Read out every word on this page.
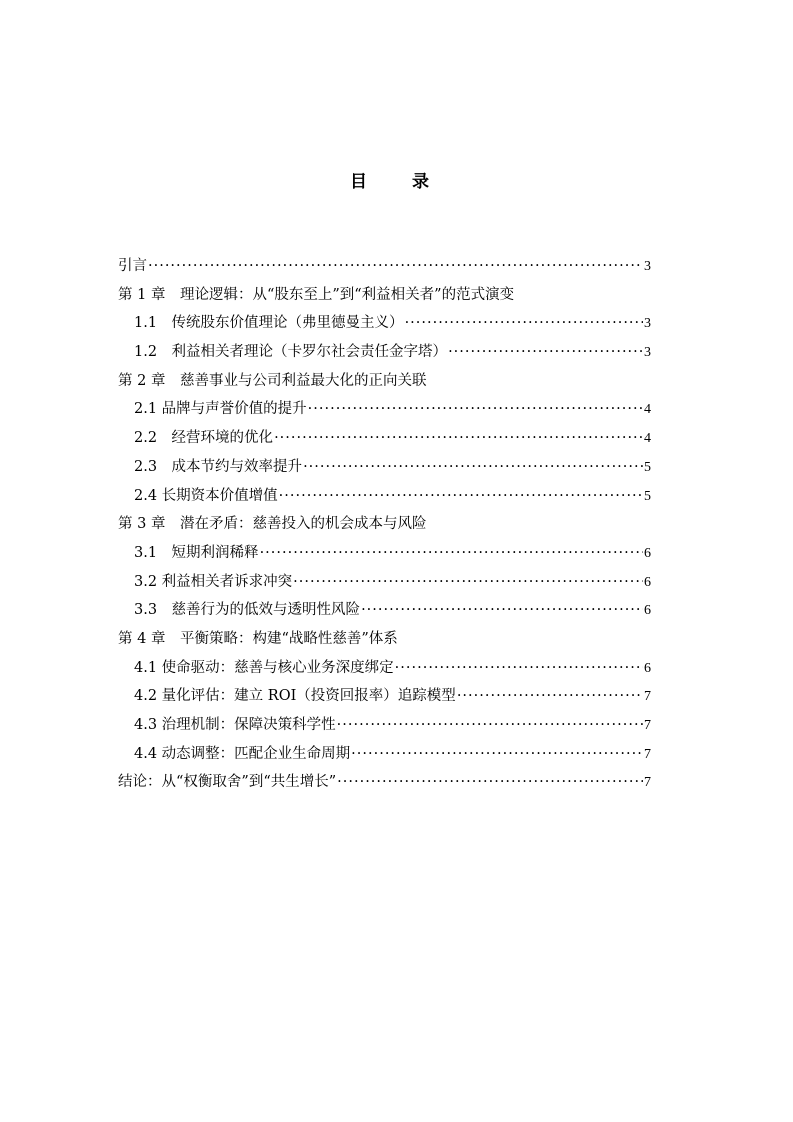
目　录
引言 ·····	3
第 1 章　理论逻辑：从“股东至上”到“利益相关者”的范式演变
1.1　传统股东价值理论（弗里德曼主义） ·····	3
1.2　利益相关者理论（卡罗尔社会责任金字塔） ·····	3
第 2 章　慈善事业与公司利益最大化的正向关联
2.1 品牌与声誉价值的提升 ·····	4
2.2　经营环境的优化 ·····	4
2.3　成本节约与效率提升 ·····	5
2.4 长期资本价值增值 ·····	5
第 3 章　潜在矛盾：慈善投入的机会成本与风险
3.1　短期利润稀释 ·····	6
3.2 利益相关者诉求冲突 ·····	6
3.3　慈善行为的低效与透明性风险 ·····	6
第 4 章　平衡策略：构建“战略性慈善”体系
4.1 使命驱动：慈善与核心业务深度绑定 ·····	6
4.2 量化评估：建立 ROI（投资回报率）追踪模型 ·····	7
4.3 治理机制：保障决策科学性 ·····	7
4.4 动态调整：匹配企业生命周期 ·····	7
结论：从“权衡取舍”到“共生增长” ·····	7
